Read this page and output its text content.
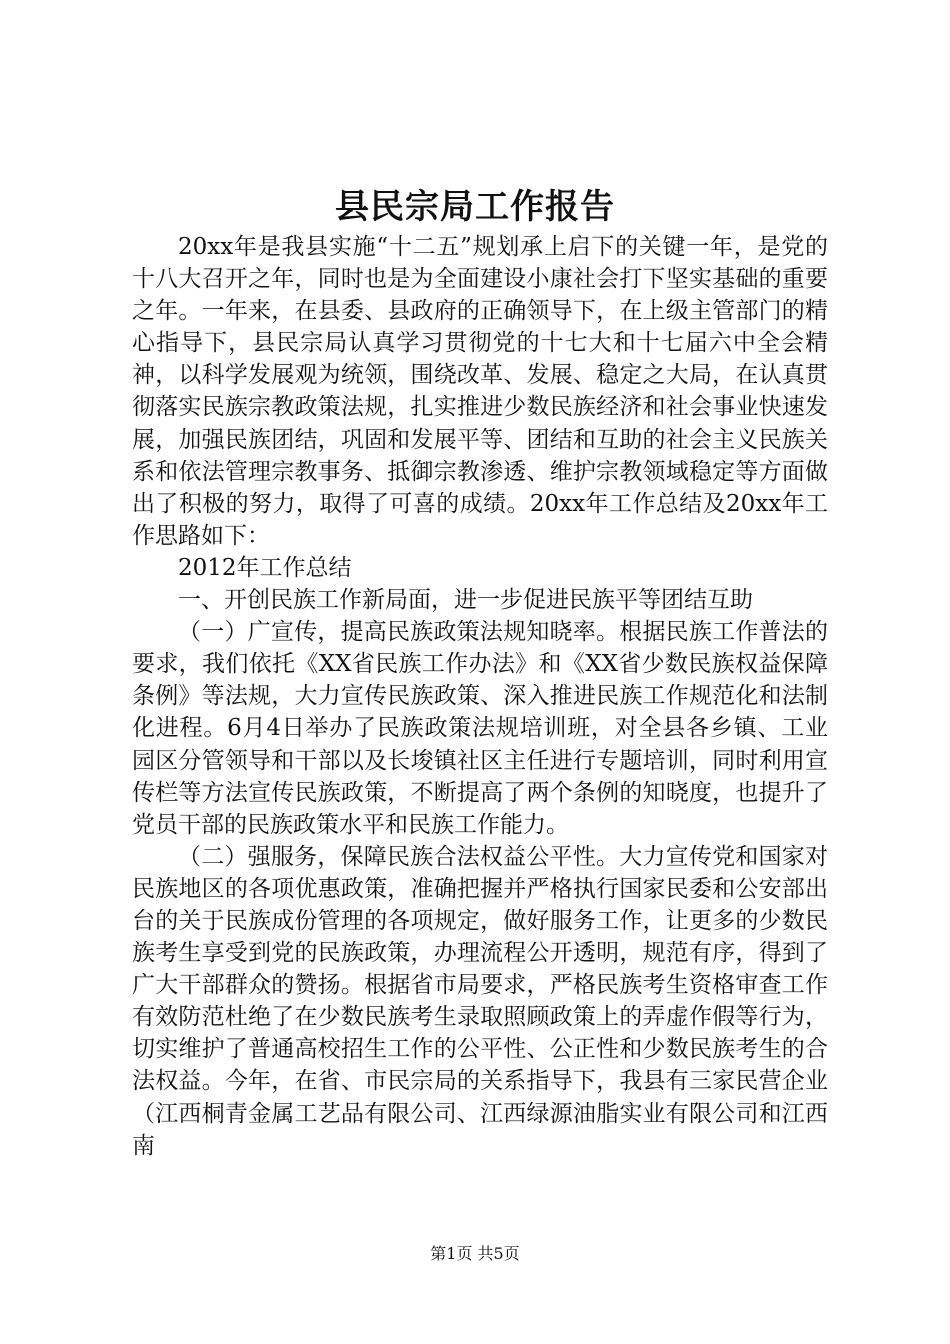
县民宗局工作报告

20xx年是我县实施“十二五”规划承上启下的关键一年，是党的十八大召开之年，同时也是为全面建设小康社会打下坚实基础的重要之年。一年来，在县委、县政府的正确领导下，在上级主管部门的精心指导下，县民宗局认真学习贯彻党的十七大和十七届六中全会精神，以科学发展观为统领，围绕改革、发展、稳定之大局，在认真贯彻落实民族宗教政策法规，扎实推进少数民族经济和社会事业快速发展，加强民族团结，巩固和发展平等、团结和互助的社会主义民族关系和依法管理宗教事务、抵御宗教渗透、维护宗教领域稳定等方面做出了积极的努力，取得了可喜的成绩。20xx年工作总结及20xx年工作思路如下：

2012年工作总结

一、开创民族工作新局面，进一步促进民族平等团结互助

（一）广宣传，提高民族政策法规知晓率。根据民族工作普法的要求，我们依托《XX省民族工作办法》和《XX省少数民族权益保障条例》等法规，大力宣传民族政策、深入推进民族工作规范化和法制化进程。6月4日举办了民族政策法规培训班，对全县各乡镇、工业园区分管领导和干部以及长埈镇社区主任进行专题培训，同时利用宣传栏等方法宣传民族政策，不断提高了两个条例的知晓度，也提升了党员干部的民族政策水平和民族工作能力。

（二）强服务，保障民族合法权益公平性。大力宣传党和国家对民族地区的各项优惠政策，准确把握并严格执行国家民委和公安部出台的关于民族成份管理的各项规定，做好服务工作，让更多的少数民族考生享受到党的民族政策，办理流程公开透明，规范有序，得到了广大干部群众的赞扬。根据省市局要求，严格民族考生资格审查工作有效防范杜绝了在少数民族考生录取照顾政策上的弄虚作假等行为，切实维护了普通高校招生工作的公平性、公正性和少数民族考生的合法权益。今年，在省、市民宗局的关系指导下，我县有三家民营企业（江西桐青金属工艺品有限公司、江西绿源油脂实业有限公司和江西南

第1页 共5页
